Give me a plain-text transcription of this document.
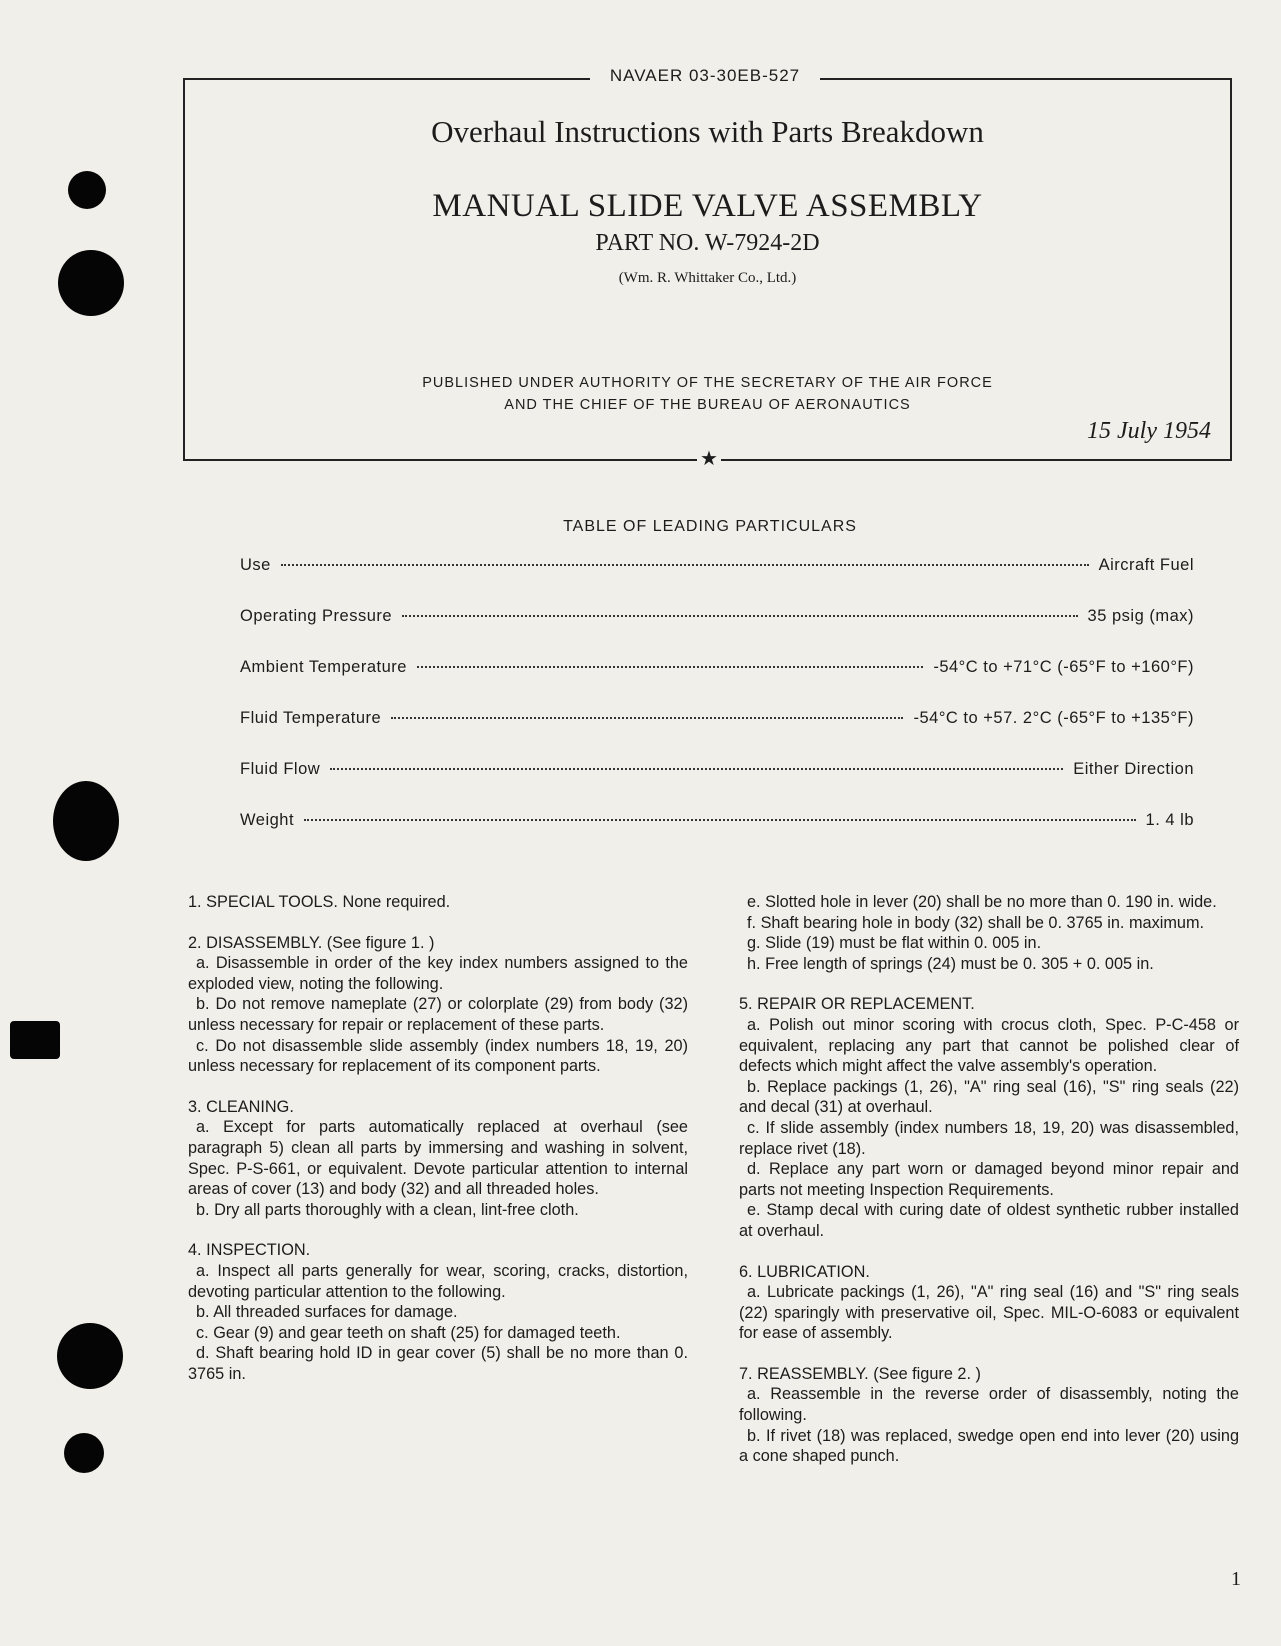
NAVAER 03-30EB-527
Overhaul Instructions with Parts Breakdown
MANUAL SLIDE VALVE ASSEMBLY
PART NO. W-7924-2D
(Wm. R. Whittaker Co., Ltd.)
PUBLISHED UNDER AUTHORITY OF THE SECRETARY OF THE AIR FORCE
AND THE CHIEF OF THE BUREAU OF AERONAUTICS
15 July 1954
★
TABLE OF LEADING PARTICULARS
Use	Aircraft Fuel
Operating Pressure	35 psig (max)
Ambient Temperature	-54°C to +71°C (-65°F to +160°F)
Fluid Temperature	-54°C to +57. 2°C (-65°F to +135°F)
Fluid Flow	Either Direction
Weight	1. 4 lb

1. SPECIAL TOOLS. None required.

2. DISASSEMBLY. (See figure 1. )

a. Disassemble in order of the key index numbers assigned to the exploded view, noting the following.

b. Do not remove nameplate (27) or colorplate (29) from body (32) unless necessary for repair or replacement of these parts.

c. Do not disassemble slide assembly (index numbers 18, 19, 20) unless necessary for replacement of its component parts.

3. CLEANING.

a. Except for parts automatically replaced at overhaul (see paragraph 5) clean all parts by immersing and washing in solvent, Spec. P-S-661, or equivalent. Devote particular attention to internal areas of cover (13) and body (32) and all threaded holes.

b. Dry all parts thoroughly with a clean, lint-free cloth.

4. INSPECTION.

a. Inspect all parts generally for wear, scoring, cracks, distortion, devoting particular attention to the following.

b. All threaded surfaces for damage.

c. Gear (9) and gear teeth on shaft (25) for damaged teeth.

d. Shaft bearing hold ID in gear cover (5) shall be no more than 0. 3765 in.

e. Slotted hole in lever (20) shall be no more than 0. 190 in. wide.

f. Shaft bearing hole in body (32) shall be 0. 3765 in. maximum.

g. Slide (19) must be flat within 0. 005 in.

h. Free length of springs (24) must be 0. 305 + 0. 005 in.

5. REPAIR OR REPLACEMENT.

a. Polish out minor scoring with crocus cloth, Spec. P-C-458 or equivalent, replacing any part that cannot be polished clear of defects which might affect the valve assembly's operation.

b. Replace packings (1, 26), "A" ring seal (16), "S" ring seals (22) and decal (31) at overhaul.

c. If slide assembly (index numbers 18, 19, 20) was disassembled, replace rivet (18).

d. Replace any part worn or damaged beyond minor repair and parts not meeting Inspection Requirements.

e. Stamp decal with curing date of oldest synthetic rubber installed at overhaul.

6. LUBRICATION.

a. Lubricate packings (1, 26), "A" ring seal (16) and "S" ring seals (22) sparingly with preservative oil, Spec. MIL-O-6083 or equivalent for ease of assembly.

7. REASSEMBLY. (See figure 2. )

a. Reassemble in the reverse order of disassembly, noting the following.

b. If rivet (18) was replaced, swedge open end into lever (20) using a cone shaped punch.

1
